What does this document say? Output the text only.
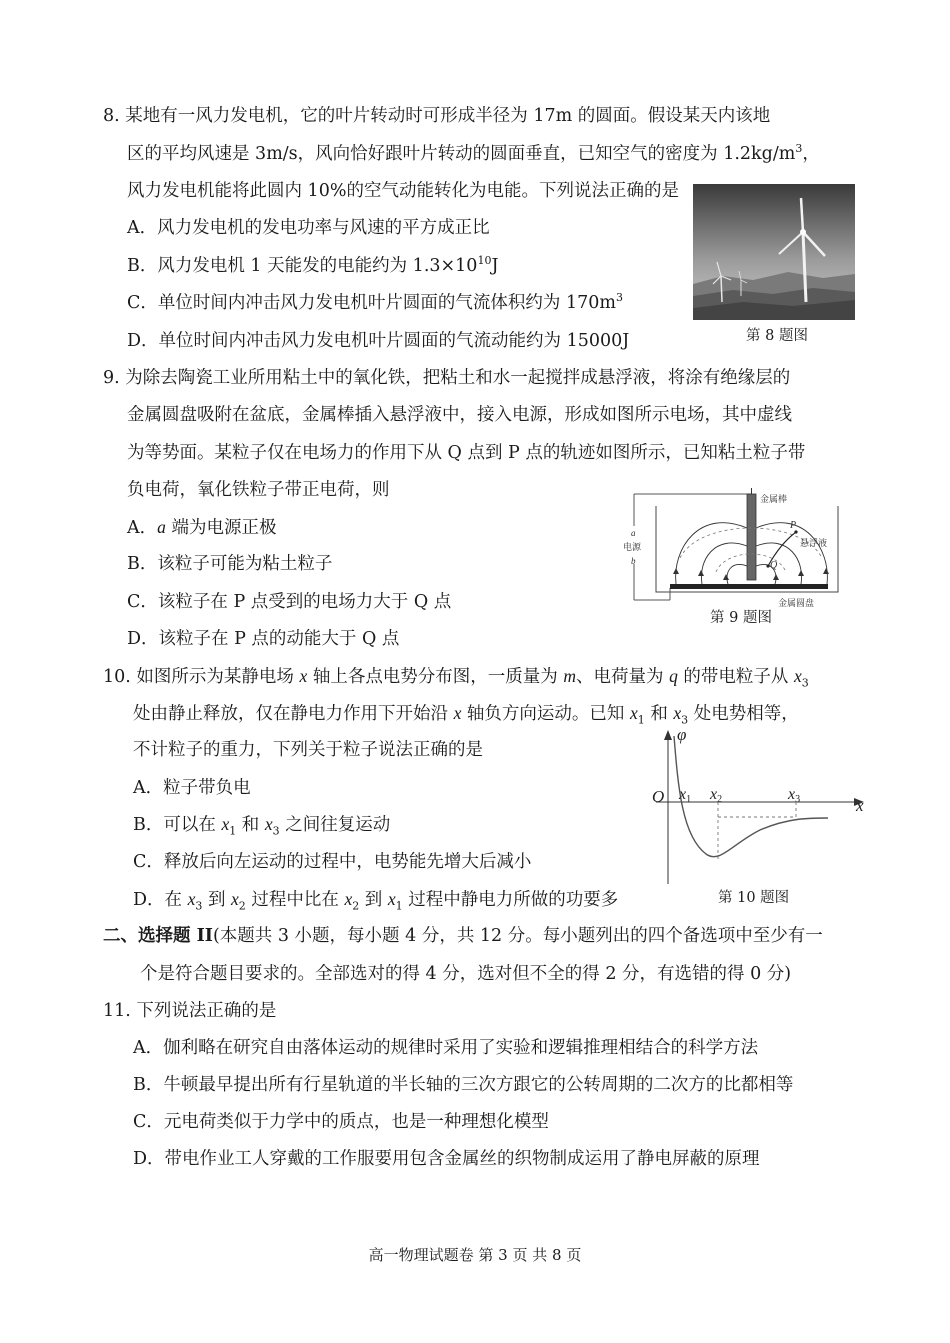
8. 某地有一风力发电机，它的叶片转动时可形成半径为 17m 的圆面。假设某天内该地
区的平均风速是 3m/s，风向恰好跟叶片转动的圆面垂直，已知空气的密度为 $1.2kg/m^3$，
风力发电机能将此圆内 10%的空气动能转化为电能。下列说法正确的是
A．风力发电机的发电功率与风速的平方成正比
B．风力发电机 1 天能发的电能约为 $1.3\times 10^{10}J$
C．单位时间内冲击风力发电机叶片圆面的气流体积约为 $170m^3$
D．单位时间内冲击风力发电机叶片圆面的气流动能约为 15000J	第 8 题图
9. 为除去陶瓷工业所用粘土中的氧化铁，把粘土和水一起搅拌成悬浮液，将涂有绝缘层的
金属圆盘吸附在盆底，金属棒插入悬浮液中，接入电源，形成如图所示电场，其中虚线
为等势面。某粒子仅在电场力的作用下从 Q 点到 P 点的轨迹如图所示，已知粘土粒子带
负电荷，氧化铁粒子带正电荷，则
A．a 端为电源正极
B．该粒子可能为粘土粒子
C．该粒子在 P 点受到的电场力大于 Q 点
D．该粒子在 P 点的动能大于 Q 点
金属棒
P
Q
悬浮液
a
电源
b
金属圆盘
第 9 题图
10. 如图所示为某静电场 x 轴上各点电势分布图，一质量为 m、电荷量为 q 的带电粒子从 $x_3$
处由静止释放，仅在静电力作用下开始沿 x 轴负方向运动。已知 $x_1$ 和 $x_3$ 处电势相等，
不计粒子的重力，下列关于粒子说法正确的是
A．粒子带负电
B．可以在 $x_1$ 和 $x_3$ 之间往复运动
C．释放后向左运动的过程中，电势能先增大后减小
D．在 $x_3$ 到 $x_2$ 过程中比在 $x_2$ 到 $x_1$ 过程中静电力所做的功要多
φ
O	x
x1 x2	x3
第 10 题图
二、选择题 II(本题共 3 小题，每小题 4 分，共 12 分。每小题列出的四个备选项中至少有一
个是符合题目要求的。全部选对的得 4 分，选对但不全的得 2 分，有选错的得 0 分)
11. 下列说法正确的是
A．伽利略在研究自由落体运动的规律时采用了实验和逻辑推理相结合的科学方法
B．牛顿最早提出所有行星轨道的半长轴的三次方跟它的公转周期的二次方的比都相等
C．元电荷类似于力学中的质点，也是一种理想化模型
D．带电作业工人穿戴的工作服要用包含金属丝的织物制成运用了静电屏蔽的原理
高一物理试题卷 第 3 页 共 8 页
